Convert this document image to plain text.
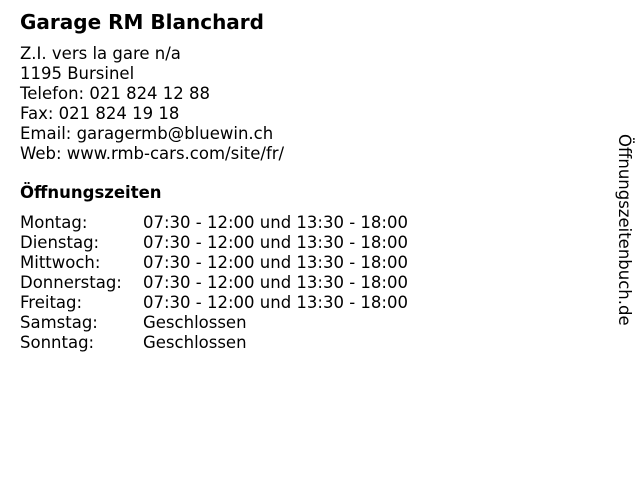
Garage RM Blanchard
Z.I. vers la gare n/a
1195 Bursinel
Telefon: 021 824 12 88
Fax: 021 824 19 18
Email: garagermb@bluewin.ch
Web: www.rmb-cars.com/site/fr/
Öffnungszeiten
Montag:	07:30 - 12:00 und 13:30 - 18:00
Dienstag:	07:30 - 12:00 und 13:30 - 18:00
Mittwoch:	07:30 - 12:00 und 13:30 - 18:00
Donnerstag: 07:30 - 12:00 und 13:30 - 18:00
Freitag:	07:30 - 12:00 und 13:30 - 18:00
Samstag:	Geschlossen
Sonntag:	Geschlossen
Öffnungszeitenbuch.de
